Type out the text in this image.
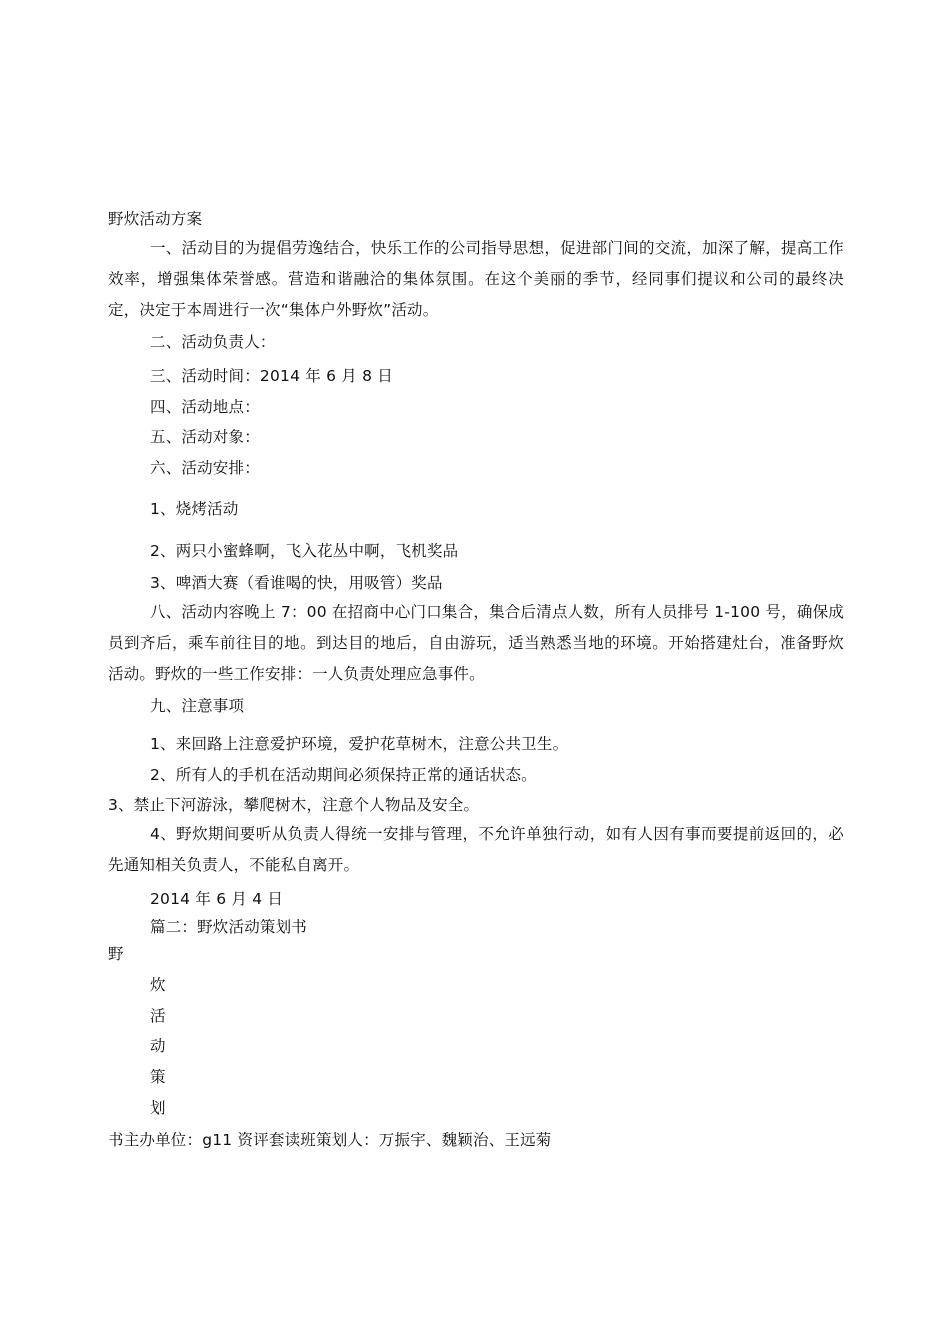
野炊活动方案
一、活动目的为提倡劳逸结合，快乐工作的公司指导思想，促进部门间的交流，加深了解，提高工作效率，增强集体荣誉感。营造和谐融洽的集体氛围。在这个美丽的季节，经同事们提议和公司的最终决定，决定于本周进行一次“集体户外野炊”活动。
二、活动负责人：
三、活动时间：2014 年 6 月 8 日
四、活动地点：
五、活动对象：
六、活动安排：
1、烧烤活动
2、两只小蜜蜂啊，飞入花丛中啊，飞机奖品
3、啤酒大赛（看谁喝的快，用吸管）奖品
八、活动内容晚上 7：00 在招商中心门口集合，集合后清点人数，所有人员排号 1-100 号，确保成员到齐后，乘车前往目的地。到达目的地后，自由游玩，适当熟悉当地的环境。开始搭建灶台，准备野炊活动。野炊的一些工作安排：一人负责处理应急事件。
九、注意事项
1、来回路上注意爱护环境，爱护花草树木，注意公共卫生。
2、所有人的手机在活动期间必须保持正常的通话状态。
3、禁止下河游泳，攀爬树木，注意个人物品及安全。
4、野炊期间要听从负责人得统一安排与管理，不允许单独行动，如有人因有事而要提前返回的，必先通知相关负责人，不能私自离开。
2014 年 6 月 4 日
篇二：野炊活动策划书
野
炊
活
动
策
划
书主办单位：g11 资评套读班策划人：万振宇、魏颖治、王远菊
